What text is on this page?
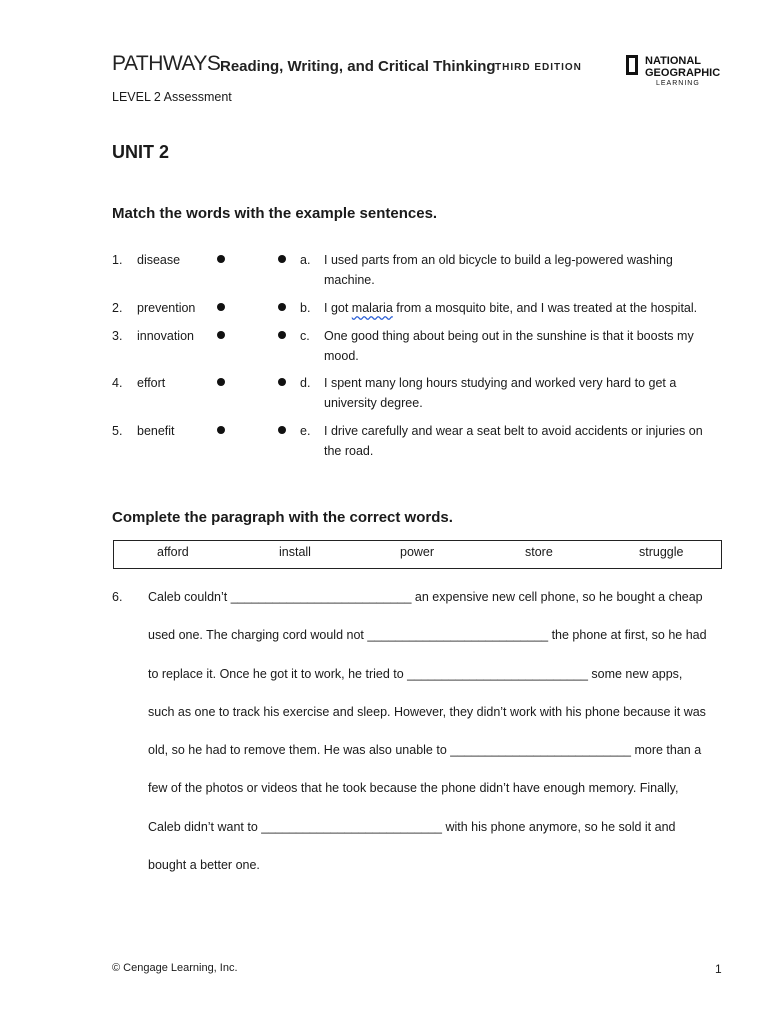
PATHWAYS Reading, Writing, and Critical Thinking THIRD EDITION
NATIONAL
GEOGRAPHIC
LEARNING
LEVEL 2 Assessment
UNIT 2
Match the words with the example sentences.
1. disease	a. I used parts from an old bicycle to build a leg-powered washing
machine.
2. prevention	b. I got malaria from a mosquito bite, and I was treated at the hospital.
3. innovation	c. One good thing about being out in the sunshine is that it boosts my
mood.
4. effort	d. I spent many long hours studying and worked very hard to get a
university degree.
5. benefit	e. I drive carefully and wear a seat belt to avoid accidents or injuries on
the road.
Complete the paragraph with the correct words.
afford	install	power	store	struggle
6. Caleb couldn’t __________________________ an expensive new cell phone, so he bought a cheap
used one. The charging cord would not __________________________ the phone at first, so he had
to replace it. Once he got it to work, he tried to __________________________ some new apps,
such as one to track his exercise and sleep. However, they didn’t work with his phone because it was
old, so he had to remove them. He was also unable to __________________________ more than a
few of the photos or videos that he took because the phone didn’t have enough memory. Finally,
Caleb didn’t want to __________________________ with his phone anymore, so he sold it and
bought a better one.
© Cengage Learning, Inc.	1
